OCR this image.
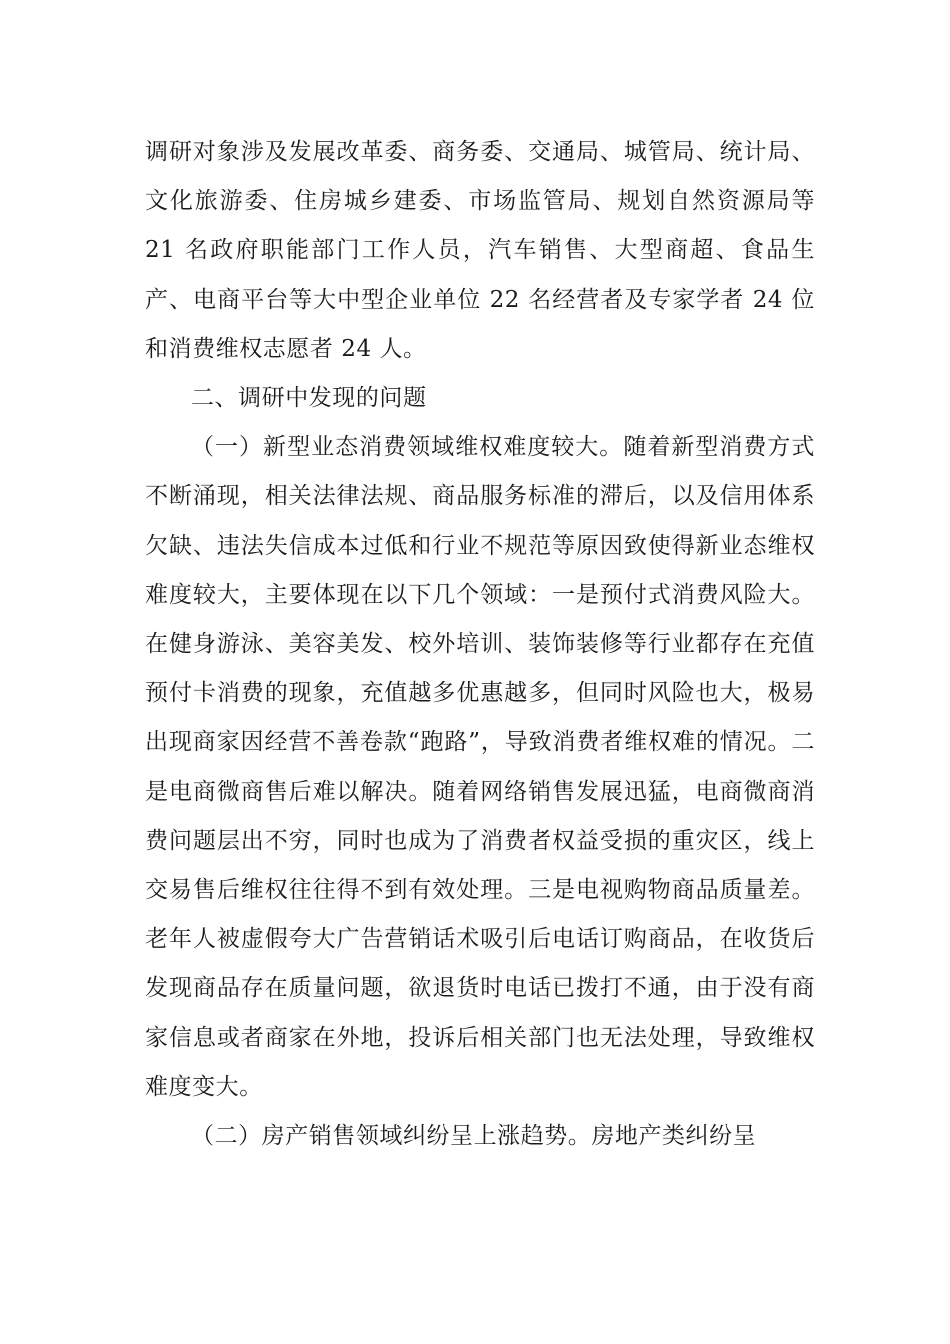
调研对象涉及发展改革委、商务委、交通局、城管局、统计局、文化旅游委、住房城乡建委、市场监管局、规划自然资源局等 21 名政府职能部门工作人员，汽车销售、大型商超、食品生产、电商平台等大中型企业单位 22 名经营者及专家学者 24 位和消费维权志愿者 24 人。

二、调研中发现的问题

（一）新型业态消费领域维权难度较大。随着新型消费方式不断涌现，相关法律法规、商品服务标准的滞后，以及信用体系欠缺、违法失信成本过低和行业不规范等原因致使得新业态维权难度较大，主要体现在以下几个领域：一是预付式消费风险大。在健身游泳、美容美发、校外培训、装饰装修等行业都存在充值预付卡消费的现象，充值越多优惠越多，但同时风险也大，极易出现商家因经营不善卷款“跑路”，导致消费者维权难的情况。二是电商微商售后难以解决。随着网络销售发展迅猛，电商微商消费问题层出不穷，同时也成为了消费者权益受损的重灾区，线上交易售后维权往往得不到有效处理。三是电视购物商品质量差。老年人被虚假夸大广告营销话术吸引后电话订购商品，在收货后发现商品存在质量问题，欲退货时电话已拨打不通，由于没有商家信息或者商家在外地，投诉后相关部门也无法处理，导致维权难度变大。

（二）房产销售领域纠纷呈上涨趋势。房地产类纠纷呈
